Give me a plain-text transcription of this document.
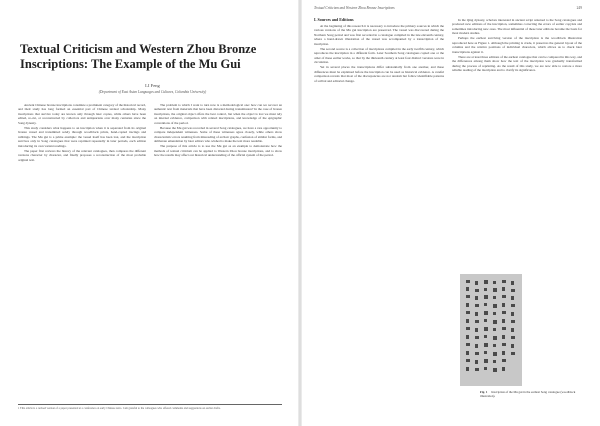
Textual Criticism and Western Zhou Bronze Inscriptions: The Example of the Mu Gui
LI Feng
(Department of East Asian Languages and Cultures, Columbia University)

Ancient Chinese bronze inscriptions constitute a prominent category of the historical record, and their study has long formed an essential part of Chinese textual scholarship. Many inscriptions that survive today are known only through later copies, while others have been edited, re-cut, or reconstructed by collectors and antiquarians over many centuries since the Song dynasty.

This study considers what happens to an inscription when it is separated from its original bronze vessel and transmitted solely through woodblock prints, hand-copied tracings and rubbings. The Mu gui is a prime example: the vessel itself has been lost, and the inscription survives only in Song catalogues that were reprinted repeatedly in later periods, each edition introducing its own variant readings.

The paper first reviews the history of the relevant catalogues, then compares the different versions character by character, and finally proposes a reconstruction of the most probable original text.

The problem to which I want to turn now is a methodological one: how can we recover an authentic text from materials that have been distorted during transmission? In the case of bronze inscriptions, the original object offers the best control, but when the object is lost we must rely on internal evidence, comparison with related inscriptions, and knowledge of the epigraphic conventions of the period.

Because the Mu gui was recorded in several Song catalogues, we have a rare opportunity to compare independent witnesses. Some of these witnesses agree closely, while others show characteristic errors resulting from misreading of archaic graphs, confusion of similar forms, and deliberate emendation by later editors who wished to make the text more readable.

The purpose of this article is to use the Mu gui as an example to demonstrate how the methods of textual criticism can be applied to Western Zhou bronze inscriptions, and to show how the results may affect our historical understanding of the official system of the period.

1 This article is a revised version of a paper presented at a conference on early Chinese texts. I am grateful to the colleagues who offered comments and suggestions on earlier drafts.
Textual Criticism and Western Zhou Bronze Inscriptions	249
I. Sources and Editions

At the beginning of this research it is necessary to introduce the primary sources in which the various versions of the Mu gui inscription are preserved. The vessel was discovered during the Northern Song period and was first recorded in a catalogue compiled in the late eleventh century, where a hand-drawn illustration of the vessel was accompanied by a transcription of the inscription.

The second source is a collection of inscriptions compiled in the early twelfth century, which reproduces the inscription in a different form. Later Southern Song catalogues copied one or the other of these earlier works, so that by the thirteenth century at least four distinct versions were in circulation.

Yet in several places the transcriptions differ substantially from one another, and these differences must be explained before the inscription can be used as historical evidence. A careful comparison reveals that most of the discrepancies are not random but follow identifiable patterns of scribal and editorial change.

In the Qing dynasty, scholars interested in ancient script returned to the Song catalogues and produced new editions of the inscription, sometimes correcting the errors of earlier copyists and sometimes introducing new ones. The most influential of these later editions became the basis for most modern studies.

Perhaps the earliest surviving version of the inscription is the woodblock illustration reproduced here as Figure 1. Although the printing is crude, it preserves the general layout of the columns and the relative positions of individual characters, which allows us to check later transcriptions against it.

There are at least three editions of the earliest catalogue that can be compared in this way, and the differences among them show how the text of the inscription was gradually transformed during the process of reprinting. As the result of this study, we are now able to restore a more reliable reading of the inscription and to clarify its significance.

Fig. 1 Inscription of the Mu gui in the earliest Song catalogue (woodblock illustration).
